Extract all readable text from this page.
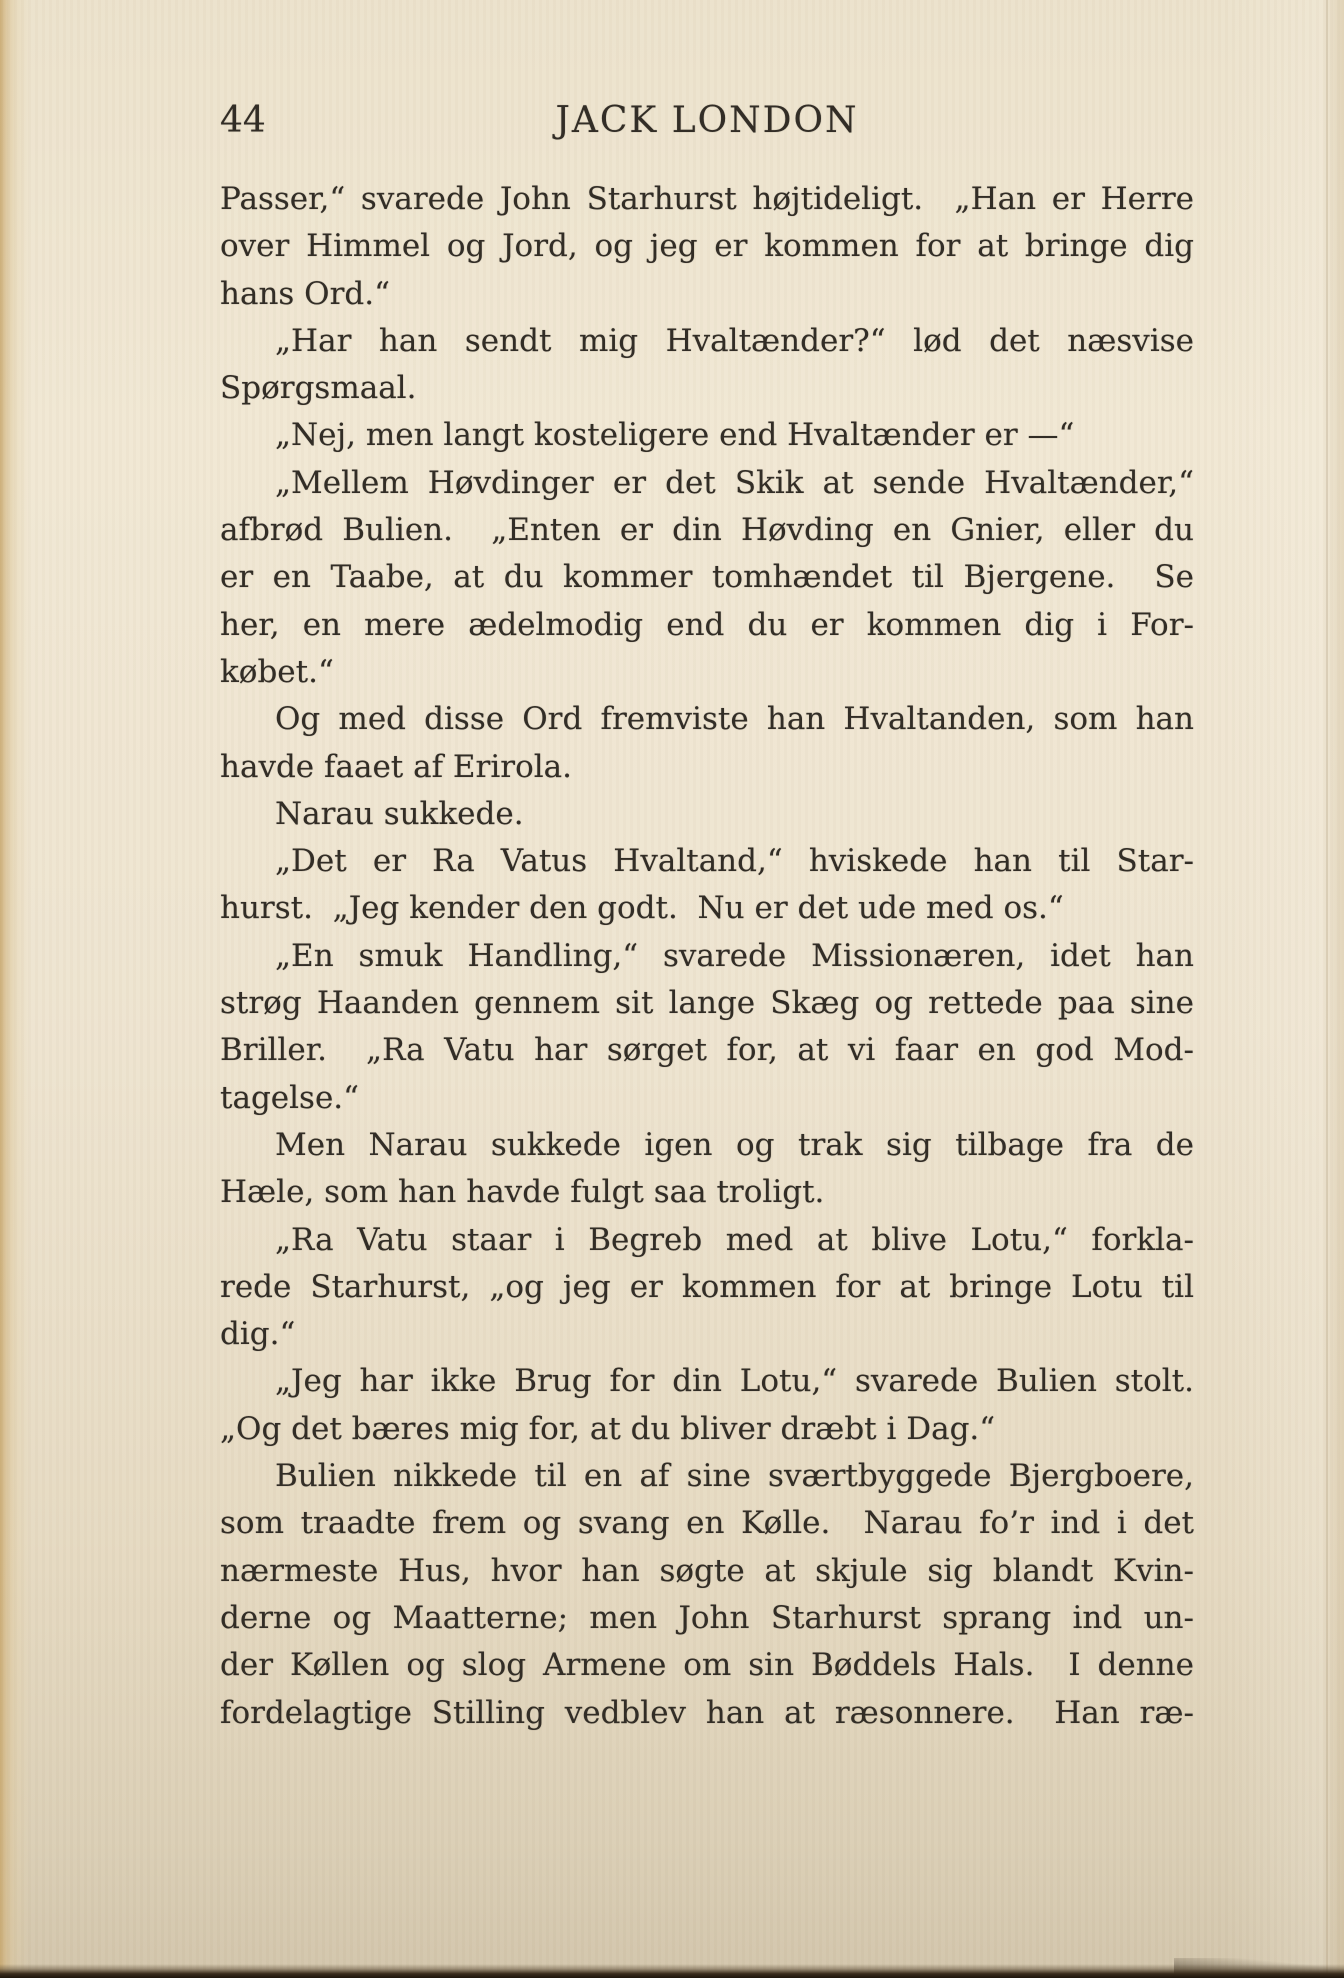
44	JACK LONDON
Passer,“ svarede John Starhurst højtideligt.  „Han er Herre
over Himmel og Jord, og jeg er kommen for at bringe dig
hans Ord.“
„Har han sendt mig Hvaltænder?“ lød det næsvise
Spørgsmaal.
„Nej, men langt kosteligere end Hvaltænder er —“
„Mellem Høvdinger er det Skik at sende Hvaltænder,“
afbrød Bulien.  „Enten er din Høvding en Gnier, eller du
er en Taabe, at du kommer tomhændet til Bjergene.  Se
her, en mere ædelmodig end du er kommen dig i For-
købet.“
Og med disse Ord fremviste han Hvaltanden, som han
havde faaet af Erirola.
Narau sukkede.
„Det er Ra Vatus Hvaltand,“ hviskede han til Star-
hurst.  „Jeg kender den godt.  Nu er det ude med os.“
„En smuk Handling,“ svarede Missionæren, idet han
strøg Haanden gennem sit lange Skæg og rettede paa sine
Briller.  „Ra Vatu har sørget for, at vi faar en god Mod-
tagelse.“
Men Narau sukkede igen og trak sig tilbage fra de
Hæle, som han havde fulgt saa troligt.
„Ra Vatu staar i Begreb med at blive Lotu,“ forkla-
rede Starhurst, „og jeg er kommen for at bringe Lotu til
dig.“
„Jeg har ikke Brug for din Lotu,“ svarede Bulien stolt.
„Og det bæres mig for, at du bliver dræbt i Dag.“
Bulien nikkede til en af sine sværtbyggede Bjergboere,
som traadte frem og svang en Kølle.  Narau fo’r ind i det
nærmeste Hus, hvor han søgte at skjule sig blandt Kvin-
derne og Maatterne; men John Starhurst sprang ind un-
der Køllen og slog Armene om sin Bøddels Hals.  I denne
fordelagtige Stilling vedblev han at ræsonnere.  Han ræ-
